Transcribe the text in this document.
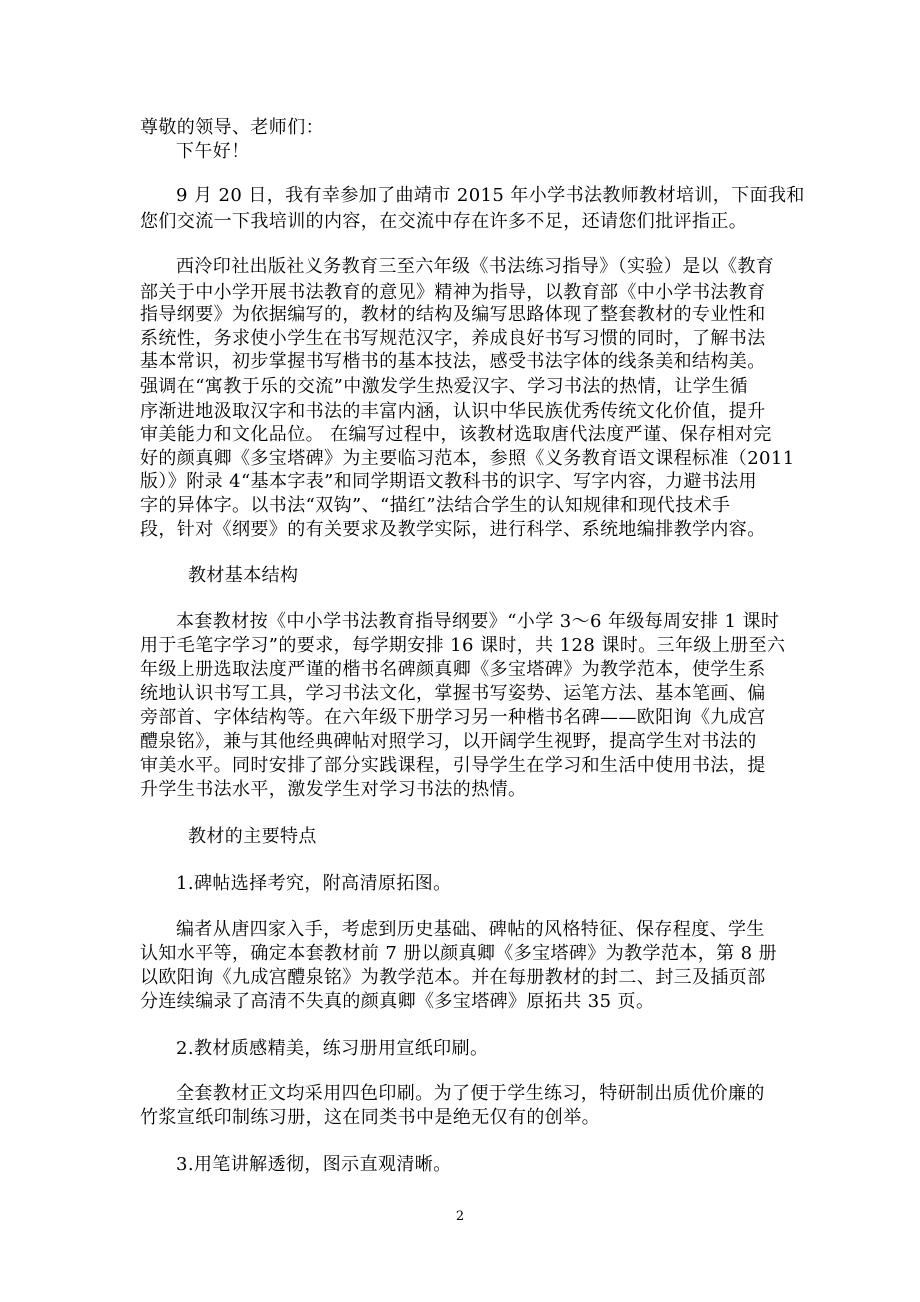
尊敬的领导、老师们：

下午好！

9 月 20 日，我有幸参加了曲靖市 2015 年小学书法教师教材培训，下面我和

您们交流一下我培训的内容，在交流中存在许多不足，还请您们批评指正。

西泠印社出版社义务教育三至六年级《书法练习指导》（实验）是以《教育

部关于中小学开展书法教育的意见》精神为指导，以教育部《中小学书法教育

指导纲要》为依据编写的，教材的结构及编写思路体现了整套教材的专业性和

系统性，务求使小学生在书写规范汉字，养成良好书写习惯的同时，了解书法

基本常识，初步掌握书写楷书的基本技法，感受书法字体的线条美和结构美。

强调在“寓教于乐的交流”中激发学生热爱汉字、学习书法的热情，让学生循

序渐进地汲取汉字和书法的丰富内涵，认识中华民族优秀传统文化价值，提升

审美能力和文化品位。 在编写过程中，该教材选取唐代法度严谨、保存相对完

好的颜真卿《多宝塔碑》为主要临习范本，参照《义务教育语文课程标准（2011

版）》附录 4“基本字表”和同学期语文教科书的识字、写字内容，力避书法用

字的异体字。以书法“双钩”、“描红”法结合学生的认知规律和现代技术手

段，针对《纲要》的有关要求及教学实际，进行科学、系统地编排教学内容。

教材基本结构

本套教材按《中小学书法教育指导纲要》“小学 3～6 年级每周安排 1 课时

用于毛笔字学习”的要求，每学期安排 16 课时，共 128 课时。三年级上册至六

年级上册选取法度严谨的楷书名碑颜真卿《多宝塔碑》为教学范本，使学生系

统地认识书写工具，学习书法文化，掌握书写姿势、运笔方法、基本笔画、偏

旁部首、字体结构等。在六年级下册学习另一种楷书名碑——欧阳询《九成宫

醴泉铭》，兼与其他经典碑帖对照学习，以开阔学生视野，提高学生对书法的

审美水平。同时安排了部分实践课程，引导学生在学习和生活中使用书法，提

升学生书法水平，激发学生对学习书法的热情。

教材的主要特点

1.碑帖选择考究，附高清原拓图。

编者从唐四家入手，考虑到历史基础、碑帖的风格特征、保存程度、学生

认知水平等，确定本套教材前 7 册以颜真卿《多宝塔碑》为教学范本，第 8 册

以欧阳询《九成宫醴泉铭》为教学范本。并在每册教材的封二、封三及插页部

分连续编录了高清不失真的颜真卿《多宝塔碑》原拓共 35 页。

2.教材质感精美，练习册用宣纸印刷。

全套教材正文均采用四色印刷。为了便于学生练习，特研制出质优价廉的

竹浆宣纸印制练习册，这在同类书中是绝无仅有的创举。

3.用笔讲解透彻，图示直观清晰。

2
